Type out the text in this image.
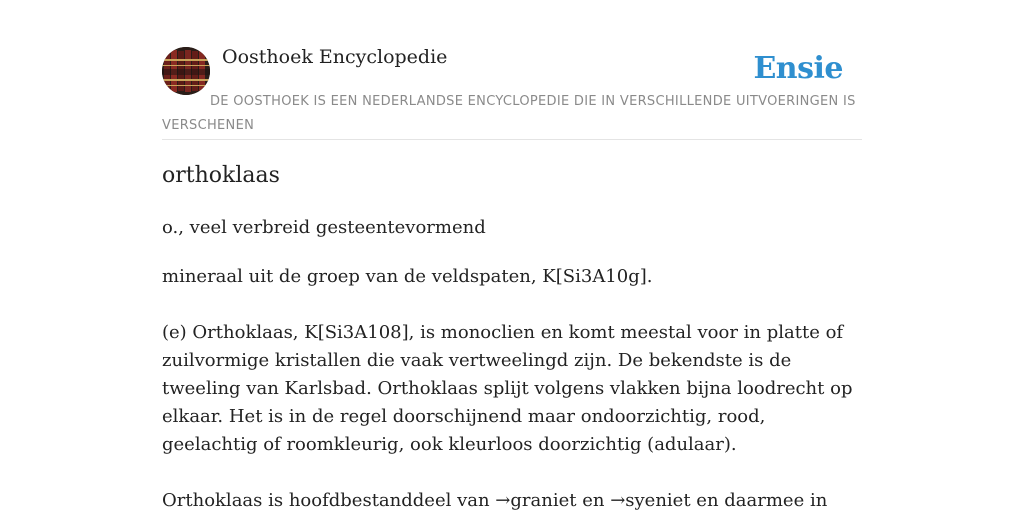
Oosthoek Encyclopedie	Ensie
DE OOSTHOEK IS EEN NEDERLANDSE ENCYCLOPEDIE DIE IN VERSCHILLENDE UITVOERINGEN IS VERSCHENEN
orthoklaas
o., veel verbreid gesteentevormend

mineraal uit de groep van de veldspaten, K[Si3A10g].

(e) Orthoklaas, K[Si3A108], is monoclien en komt meestal voor in platte of zuilvormige kristallen die vaak vertweelingd zijn. De bekendste is de tweeling van Karlsbad. Orthoklaas splijt volgens vlakken bijna loodrecht op elkaar. Het is in de regel doorschijnend maar ondoorzichtig, rood, geelachtig of roomkleurig, ook kleurloos doorzichtig (adulaar).

Orthoklaas is hoofdbestanddeel van →graniet en →syeniet en daarmee in
